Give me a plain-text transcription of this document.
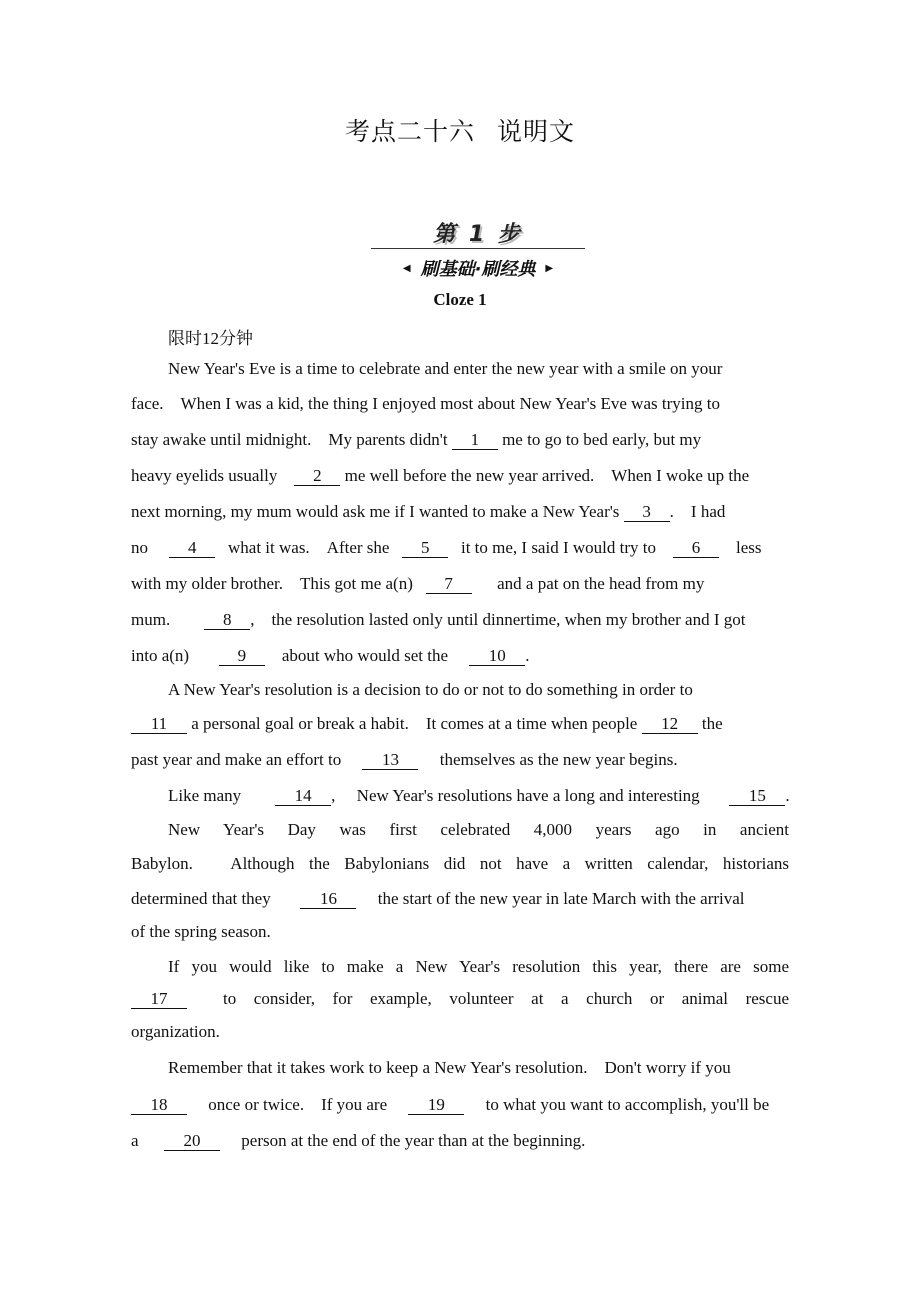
考点二十六 说明文
第 1 步
◀ 刷基础·刷经典 ▶
Cloze 1
限时12分钟
New Year's Eve is a time to celebrate and enter the new year with a smile on your
face.　When I was a kid, the thing I enjoyed most about New Year's Eve was trying to
stay awake until midnight.　My parents didn't 1 me to go to bed early, but my
heavy eyelids usually 2 me well before the new year arrived.　When I woke up the
next morning, my mum would ask me if I wanted to make a New Year's 3 .　I had
no 4 what it was.　After she 5 it to me, I said I would try to 6 less
with my older brother.　This got me a(n) 7	and a pat on the head from my
mum.	8 , the resolution lasted only until dinnertime, when my brother and I got
into a(n)	9 about who would set the 10 .
A New Year's resolution is a decision to do or not to do something in order to
11 a personal goal or break a habit.　It comes at a time when people 12 the
past year and make an effort to 13 themselves as the new year begins.
Like many	14 , New Year's resolutions have a long and interesting	15 .
New Year's Day was first celebrated 4,000 years ago in ancient
Babylon.　Although the Babylonians did not have a written calendar, historians
determined that they	16 the start of the new year in late March with the arrival
of the spring season.
If you would like to make a New Year's resolution this year, there are some
17	to consider, for example, volunteer at a church or animal rescue
organization.
Remember that it takes work to keep a New Year's resolution.　Don't worry if you
18 once or twice.　If you are 19 to what you want to accomplish, you'll be
a	20 person at the end of the year than at the beginning.
